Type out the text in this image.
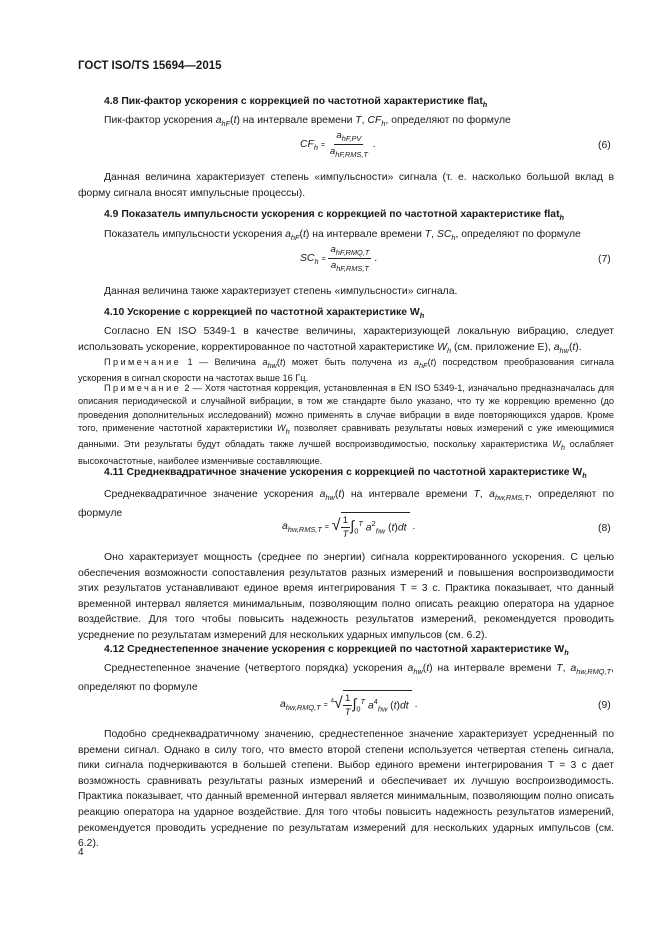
ГОСТ ISO/TS 15694—2015
4.8 Пик-фактор ускорения с коррекцией по частотной характеристике flat$_h$
Пик-фактор ускорения $a_{hF}(t)$ на интервале времени T, $CF_h$, определяют по формуле
$CF_h = \frac{a_{hF,PV}}{a_{hF,RMS,T}}$ .	(6)
Данная величина характеризует степень «импульсности» сигнала (т. е. насколько большой вклад в форму сигнала вносят импульсные процессы).
4.9 Показатель импульсности ускорения с коррекцией по частотной характеристике flat$_h$
Показатель импульсности ускорения $a_{hF}(t)$ на интервале времени T, $SC_h$, определяют по формуле
$SC_h = \frac{a_{hF,RMQ,T}}{a_{hF,RMS,T}}$ .	(7)
Данная величина также характеризует степень «импульсности» сигнала.
4.10 Ускорение с коррекцией по частотной характеристике $W_h$
Согласно EN ISO 5349-1 в качестве величины, характеризующей локальную вибрацию, следует использовать ускорение, корректированное по частотной характеристике $W_h$ (см. приложение E), $a_{hw}(t)$.
Примечание 1 — Величина $a_{hw}(t)$ может быть получена из $a_{hF}(t)$ посредством преобразования сигнала ускорения в сигнал скорости на частотах выше 16 Гц.
Примечание 2 — Хотя частотная коррекция, установленная в EN ISO 5349-1, изначально предназначалась для описания периодической и случайной вибрации, в том же стандарте было указано, что ту же коррекцию временно (до проведения дополнительных исследований) можно применять в случае вибрации в виде повторяющихся ударов. Кроме того, применение частотной характеристики $W_h$ позволяет сравнивать результаты новых измерений с уже имеющимися данными. Эти результаты будут обладать также лучшей воспроизводимостью, поскольку характеристика $W_h$ ослабляет высокочастотные, наиболее изменчивые составляющие.
4.11 Среднеквадратичное значение ускорения с коррекцией по частотной характеристике $W_h$
Среднеквадратичное значение ускорения $a_{hw}(t)$ на интервале времени T, $a_{hw,RMS,T}$, определяют по формуле
$a_{hw,RMS,T}$ = √ $\frac{1}{T} \int_0^T$ $a^2_{hw}$ (t)dt .	(8)
Оно характеризует мощность (среднее по энергии) сигнала корректированного ускорения. С целью обеспечения возможности сопоставления результатов разных измерений и повышения воспроизводимости этих результатов устанавливают единое время интегрирования T = 3 с. Практика показывает, что данный временной интервал является минимальным, позволяющим полно описать реакцию оператора на ударное воздействие. Для того чтобы повысить надежность результатов измерений, рекомендуется проводить усреднение по результатам измерений для нескольких ударных импульсов (см. 6.2).
4.12 Среднестепенное значение ускорения с коррекцией по частотной характеристике $W_h$
Среднестепенное значение (четвертого порядка) ускорения $a_{hw}(t)$ на интервале времени T, $a_{hw,RMQ,T}$, определяют по формуле
$a_{hw,RMQ,T} = ^4√ \frac{1}{T} \int_0^T$ $a^4_{hw}$ (t)dt .	(9)
Подобно среднеквадратичному значению, среднестепенное значение характеризует усредненный по времени сигнал. Однако в силу того, что вместо второй степени используется четвертая степень сигнала, пики сигнала подчеркиваются в большей степени. Выбор единого времени интегрирования T = 3 с дает возможность сравнивать результаты разных измерений и обеспечивает их лучшую воспроизводимость. Практика показывает, что данный временной интервал является минимальным, позволяющим полно описать реакцию оператора на ударное воздействие. Для того чтобы повысить надежность результатов измерений, рекомендуется проводить усреднение по результатам измерений для нескольких ударных импульсов (см. 6.2).
4
